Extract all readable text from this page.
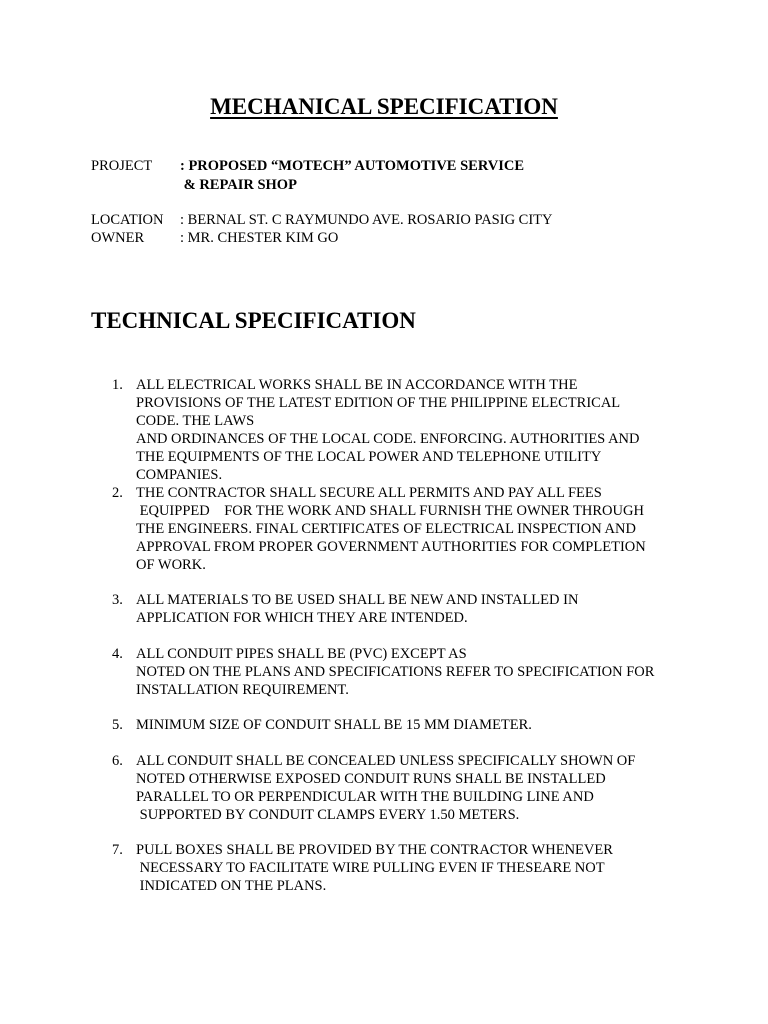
MECHANICAL SPECIFICATION

PROJECT

: PROPOSED “MOTECH” AUTOMOTIVE SERVICE

& REPAIR SHOP

LOCATION

: BERNAL ST. C RAYMUNDO AVE. ROSARIO PASIG CITY

OWNER

: MR. CHESTER KIM GO

TECHNICAL SPECIFICATION
1. ALL ELECTRICAL WORKS SHALL BE IN ACCORDANCE WITH THE
PROVISIONS OF THE LATEST EDITION OF THE PHILIPPINE ELECTRICAL
CODE. THE LAWS
AND ORDINANCES OF THE LOCAL CODE. ENFORCING. AUTHORITIES AND
THE EQUIPMENTS OF THE LOCAL POWER AND TELEPHONE UTILITY
COMPANIES.
2. THE CONTRACTOR SHALL SECURE ALL PERMITS AND PAY ALL FEES
EQUIPPED    FOR THE WORK AND SHALL FURNISH THE OWNER THROUGH
THE ENGINEERS. FINAL CERTIFICATES OF ELECTRICAL INSPECTION AND
APPROVAL FROM PROPER GOVERNMENT AUTHORITIES FOR COMPLETION
OF WORK.
3. ALL MATERIALS TO BE USED SHALL BE NEW AND INSTALLED IN
APPLICATION FOR WHICH THEY ARE INTENDED.
4. ALL CONDUIT PIPES SHALL BE (PVC) EXCEPT AS
NOTED ON THE PLANS AND SPECIFICATIONS REFER TO SPECIFICATION FOR
INSTALLATION REQUIREMENT.
5. MINIMUM SIZE OF CONDUIT SHALL BE 15 MM DIAMETER.
6. ALL CONDUIT SHALL BE CONCEALED UNLESS SPECIFICALLY SHOWN OF
NOTED OTHERWISE EXPOSED CONDUIT RUNS SHALL BE INSTALLED
PARALLEL TO OR PERPENDICULAR WITH THE BUILDING LINE AND
SUPPORTED BY CONDUIT CLAMPS EVERY 1.50 METERS.
7. PULL BOXES SHALL BE PROVIDED BY THE CONTRACTOR WHENEVER
NECESSARY TO FACILITATE WIRE PULLING EVEN IF THESEARE NOT
INDICATED ON THE PLANS.
